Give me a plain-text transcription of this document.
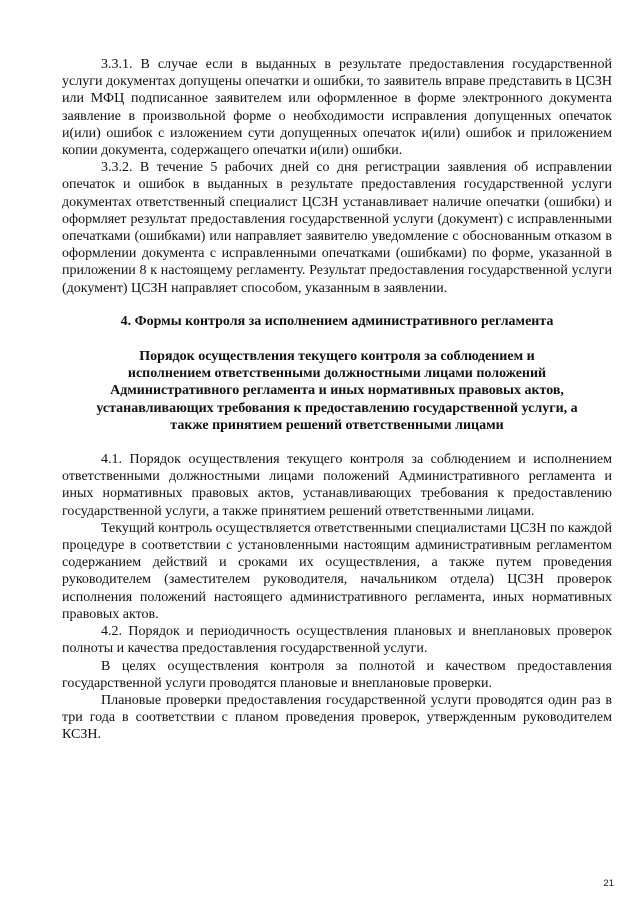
3.3.1. В случае если в выданных в результате предоставления государственной услуги документах допущены опечатки и ошибки, то заявитель вправе представить в ЦСЗН или МФЦ подписанное заявителем или оформленное в форме электронного документа заявление в произвольной форме о необходимости исправления допущенных опечаток и(или) ошибок с изложением сути допущенных опечаток и(или) ошибок и приложением копии документа, содержащего опечатки и(или) ошибки.

3.3.2. В течение 5 рабочих дней со дня регистрации заявления об исправлении опечаток и ошибок в выданных в результате предоставления государственной услуги документах ответственный специалист ЦСЗН устанавливает наличие опечатки (ошибки) и оформляет результат предоставления государственной услуги (документ) с исправленными опечатками (ошибками) или направляет заявителю уведомление с обоснованным отказом в оформлении документа с исправленными опечатками (ошибками) по форме, указанной в приложении 8 к настоящему регламенту. Результат предоставления государственной услуги (документ) ЦСЗН направляет способом, указанным в заявлении.

4. Формы контроля за исполнением административного регламента

Порядок осуществления текущего контроля за соблюдением и исполнением ответственными должностными лицами положений Административного регламента и иных нормативных правовых актов, устанавливающих требования к предоставлению государственной услуги, а также принятием решений ответственными лицами

4.1. Порядок осуществления текущего контроля за соблюдением и исполнением ответственными должностными лицами положений Административного регламента и иных нормативных правовых актов, устанавливающих требования к предоставлению государственной услуги, а также принятием решений ответственными лицами.

Текущий контроль осуществляется ответственными специалистами ЦСЗН по каждой процедуре в соответствии с установленными настоящим административным регламентом содержанием действий и сроками их осуществления, а также путем проведения руководителем (заместителем руководителя, начальником отдела) ЦСЗН проверок исполнения положений настоящего административного регламента, иных нормативных правовых актов.

4.2. Порядок и периодичность осуществления плановых и внеплановых проверок полноты и качества предоставления государственной услуги.

В целях осуществления контроля за полнотой и качеством предоставления государственной услуги проводятся плановые и внеплановые проверки.

Плановые проверки предоставления государственной услуги проводятся один раз в три года в соответствии с планом проведения проверок, утвержденным руководителем КСЗН.

21
